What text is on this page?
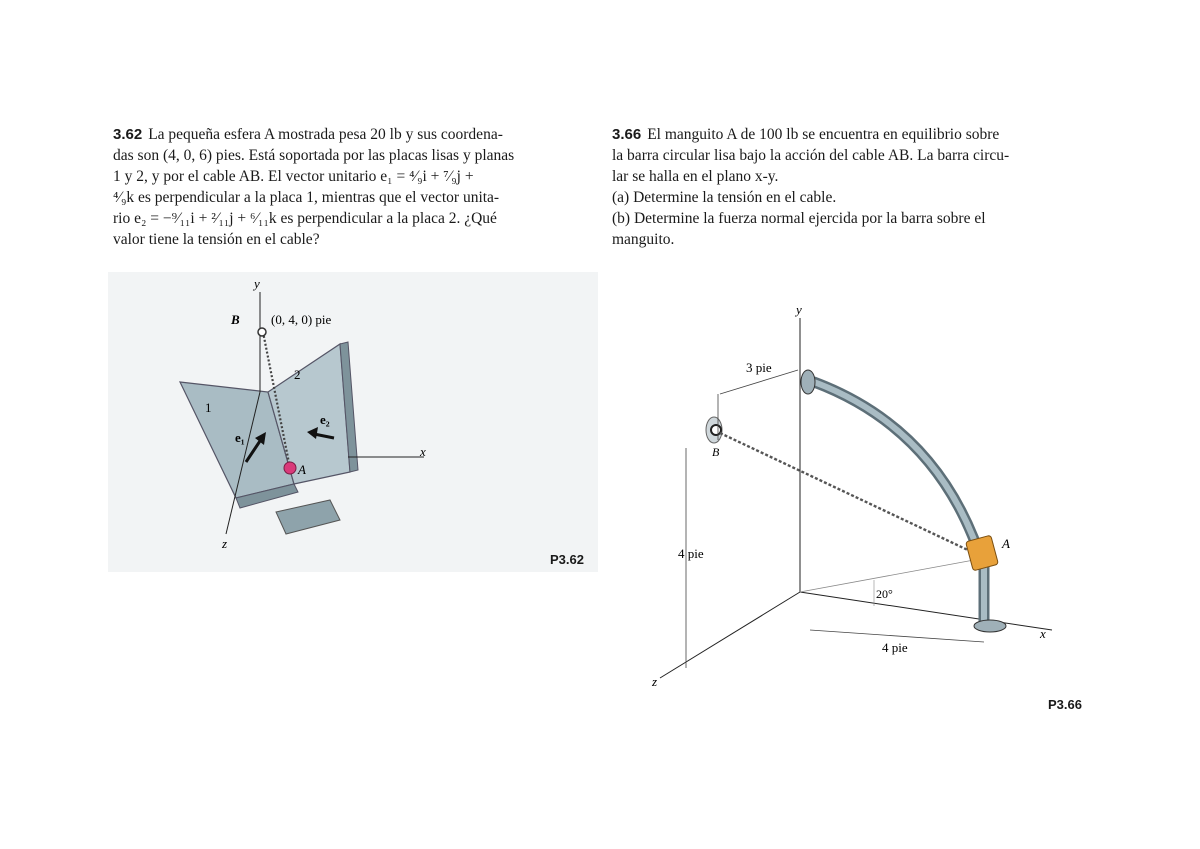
3.62 La pequeña esfera A mostrada pesa 20 lb y sus coordena-
das son (4, 0, 6) pies. Está soportada por las placas lisas y planas
1 y 2, y por el cable AB. El vector unitario e₁ = ⁴⁄₉i + ⁷⁄₉j +
⁴⁄₉k es perpendicular a la placa 1, mientras que el vector unita-
rio e₂ = −⁹⁄₁₁i + ²⁄₁₁j + ⁶⁄₁₁k es perpendicular a la placa 2. ¿Qué
valor tiene la tensión en el cable?
3.66 El manguito A de 100 lb se encuentra en equilibrio sobre
la barra circular lisa bajo la acción del cable AB. La barra circu-
lar se halla en el plano x-y.
(a) Determine la tensión en el cable.
(b) Determine la fuerza normal ejercida por la barra sobre el
manguito.
y
z
x
B (0, 4, 0) pie
A
1
2
e₁
e₂
P3.62
y
x
z
A
B
3 pie
4 pie
4 pie
20°
P3.66
